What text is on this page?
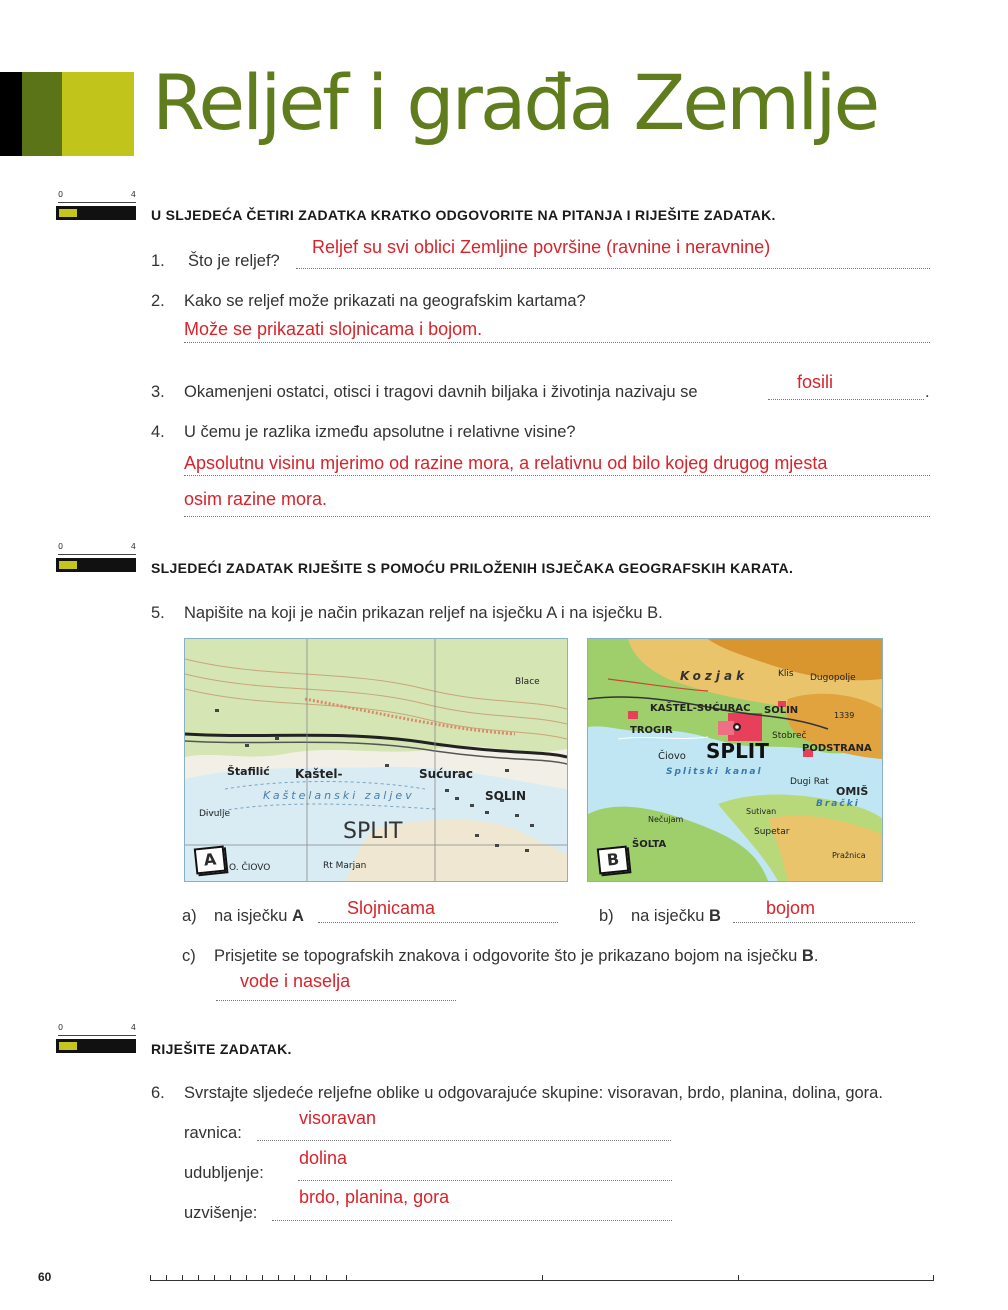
Reljef i građa Zemlje
0	4
U SLJEDEĆA ČETIRI ZADATKA KRATKO ODGOVORITE NA PITANJA I RIJEŠITE ZADATAK.
1. Što je reljef?
Reljef su svi oblici Zemljine površine (ravnine i neravnine)
2. Kako se reljef može prikazati na geografskim kartama?
Može se prikazati slojnicama i bojom.
3. Okamenjeni ostatci, otisci i tragovi davnih biljaka i životinja nazivaju se	.
fosili
4. U čemu je razlika između apsolutne i relativne visine?
Apsolutnu visinu mjerimo od razine mora, a relativnu od bilo kojeg drugog mjesta
osim razine mora.
0	4
SLJEDEĆI ZADATAK RIJEŠITE S POMOĆU PRILOŽENIH ISJEČAKA GEOGRAFSKIH KARATA.
5. Napišite na koji je način prikazan reljef na isječku A i na isječku B.
SPLIT
Kaštel-	Sućurac
SOLIN
Kaštelanski zaljev
Štafilić
Blace
Divulje
O. ČIOVO	Rt Marjan
A
SPLIT
Kozjak
KAŠTEL-SUĆURAC SOLIN
TROGIR
Čiovo
Splitski kanal
PODSTRANA
OMIŠ
Brački
ŠOLTA
Supetar
Dugopolje
Klis
Stobreč
Dugi Rat
Sutivan
Nečujam
Pražnica
1339
B
a) na isječku A Slojnicama	b) na isječku B	bojom
c) Prisjetite se topografskih znakova i odgovorite što je prikazano bojom na isječku B.
vode i naselja
0	4
RIJEŠITE ZADATAK.
6. Svrstajte sljedeće reljefne oblike u odgovarajuće skupine: visoravan, brdo, planina, dolina, gora.
ravnica:
visoravan
udubljenje:
dolina
uzvišenje:
brdo, planina, gora
60
